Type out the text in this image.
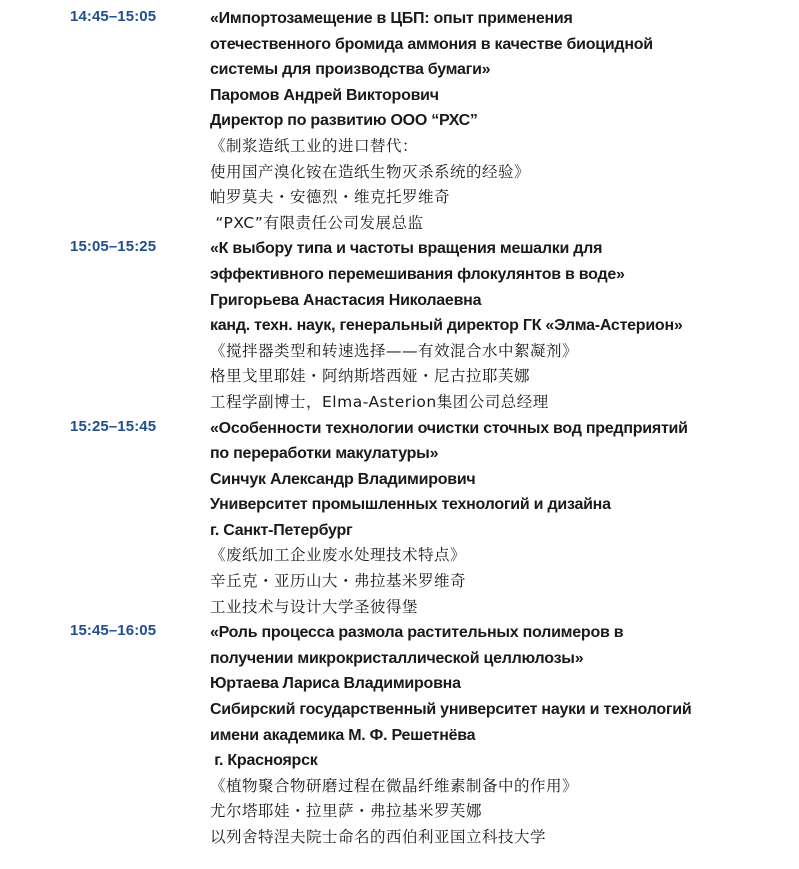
14:45–15:05	«Импортозамещение в ЦБП: опыт применения
отечественного бромида аммония в качестве биоцидной
системы для производства бумаги»
Паромов Андрей Викторович
Директор по развитию ООО “РХС”
《制浆造纸工业的进口替代：
使用国产溴化铵在造纸生物灭杀系统的经验》
帕罗莫夫・安德烈・维克托罗维奇
“PXC”有限责任公司发展总监
15:05–15:25	«К выбору типа и частоты вращения мешалки для
эффективного перемешивания флокулянтов в воде»
Григорьева Анастасия Николаевна
канд. техн. наук, генеральный директор ГК «Элма-Астерион»
《搅拌器类型和转速选择——有效混合水中絮凝剂》
格里戈里耶娃・阿纳斯塔西娅・尼古拉耶芙娜
工程学副博士，Elma-Asterion集团公司总经理
15:25–15:45	«Особенности технологии очистки сточных вод предприятий
по переработки макулатуры»
Синчук Александр Владимирович
Университет промышленных технологий и дизайна
г. Санкт-Петербург
《废纸加工企业废水处理技术特点》
辛丘克・亚历山大・弗拉基米罗维奇
工业技术与设计大学圣彼得堡
15:45–16:05	«Роль процесса размола растительных полимеров в
получении микрокристаллической целлюлозы»
Юртаева Лариса Владимировна
Сибирский государственный университет науки и технологий
имени академика М. Ф. Решетнёва
г. Красноярск
《植物聚合物研磨过程在微晶纤维素制备中的作用》
尤尔塔耶娃・拉里萨・弗拉基米罗芙娜
以列舍特涅夫院士命名的西伯利亚国立科技大学
